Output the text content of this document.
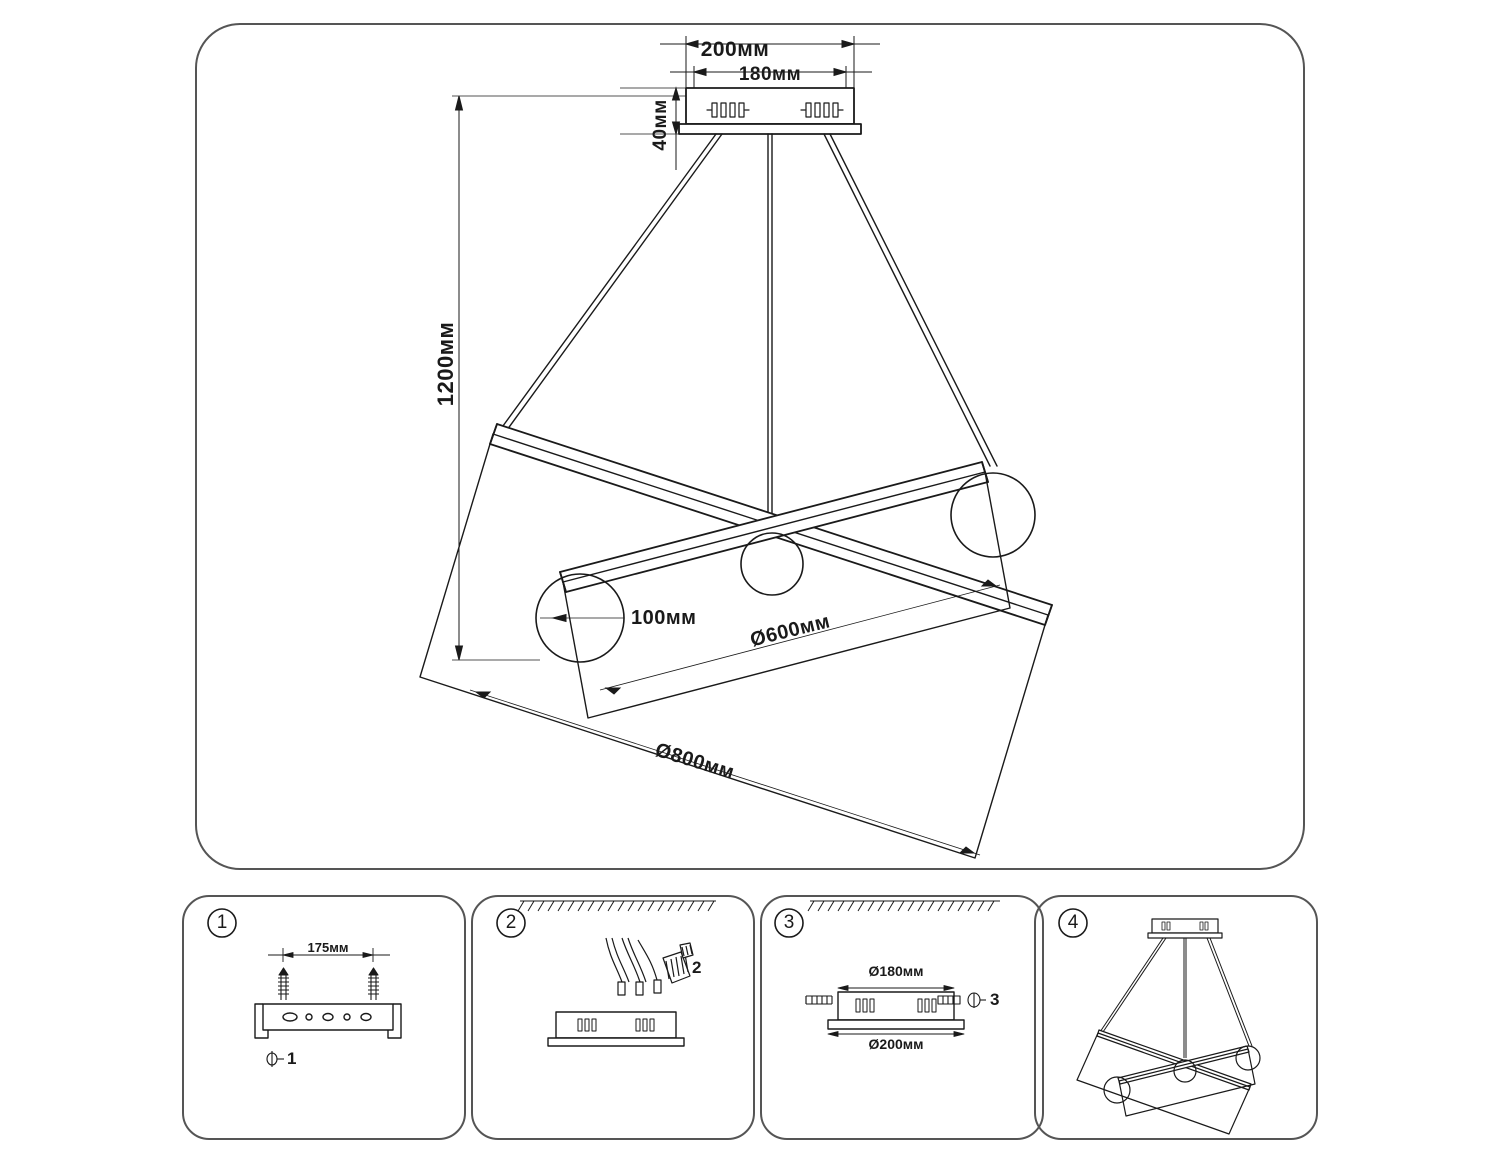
200мм
180мм
40мм
1200мм
100мм	Ø600мм
Ø800мм
1	2	3	4
175мм
1
2	Ø180мм
Ø200мм
3
